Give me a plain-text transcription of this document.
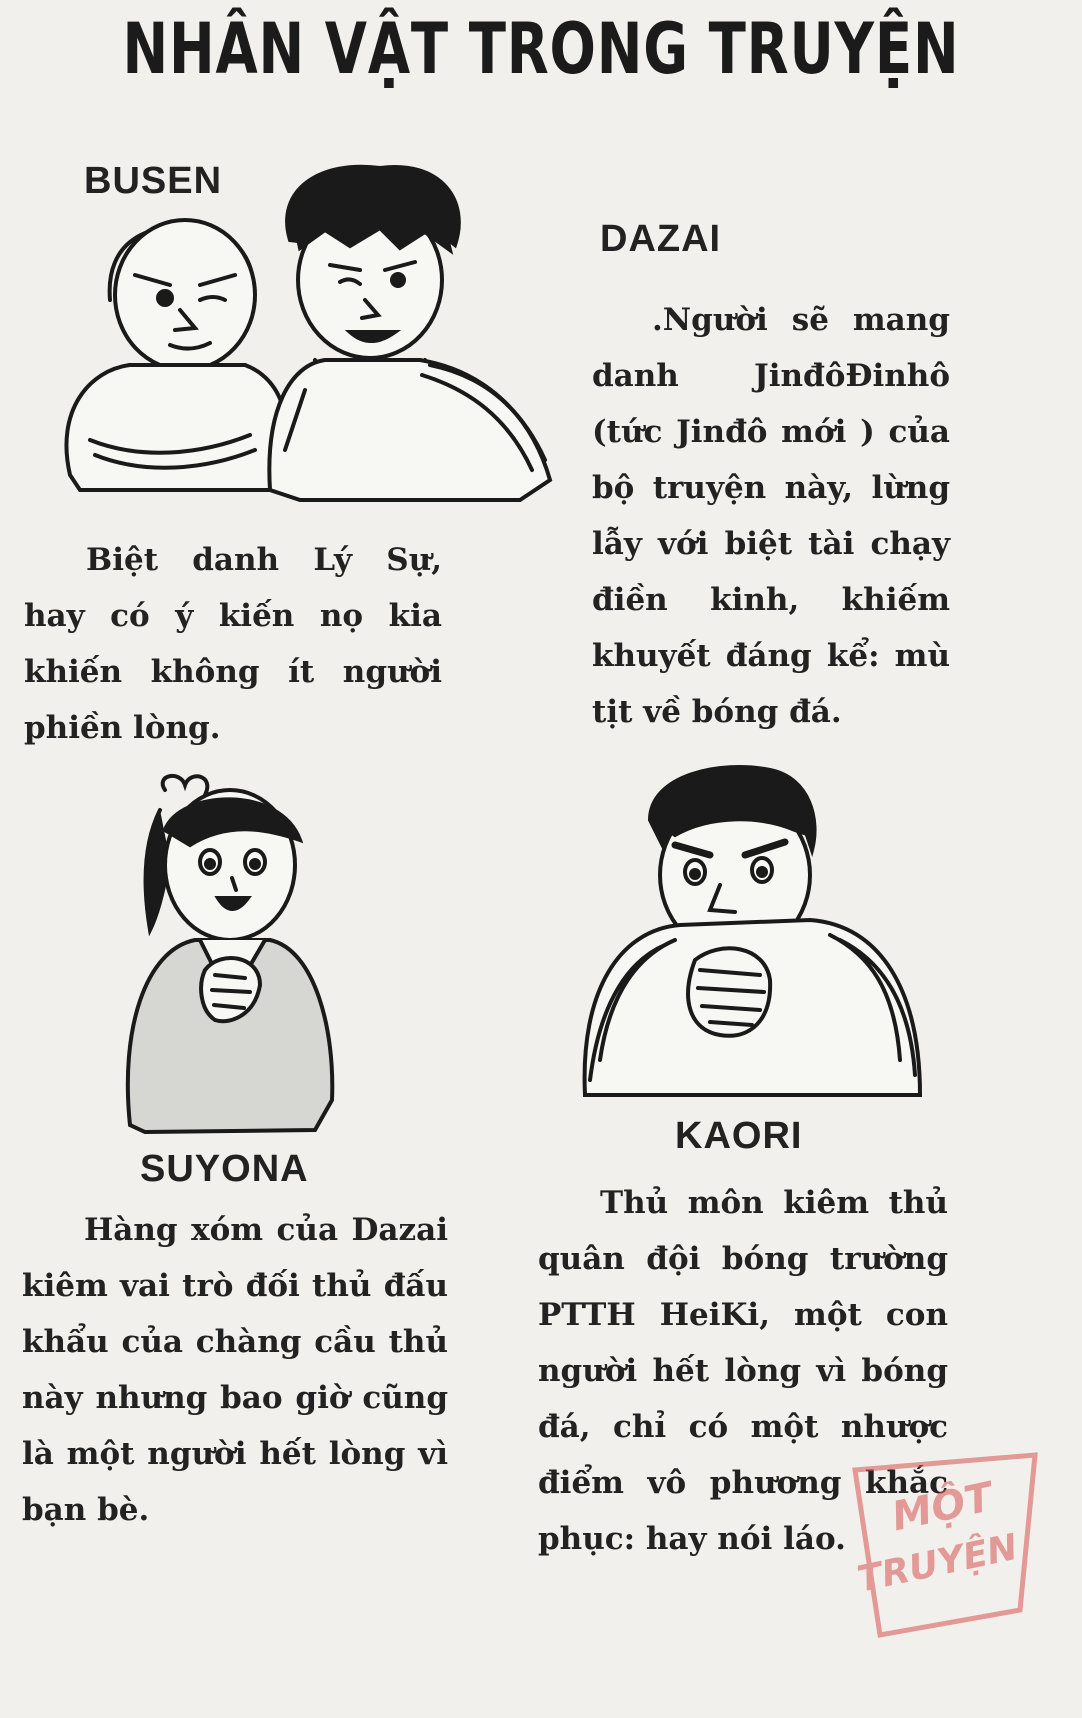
NHÂN VẬT TRONG TRUYỆN
BUSEN
DAZAI
.Người sẽ mang danh JinđôĐinhô (tức Jinđô mới ) của bộ truyện này, lừng lẫy với biệt tài chạy điền kinh, khiếm khuyết đáng kể: mù tịt về bóng đá.
Biệt danh Lý Sự, hay có ý kiến nọ kia khiến không ít người phiền lòng.
SUYONA
Hàng xóm của Dazai kiêm vai trò đối thủ đấu khẩu của chàng cầu thủ này nhưng bao giờ cũng là một người hết lòng vì bạn bè.
KAORI
Thủ môn kiêm thủ quân đội bóng trường PTTH HeiKi, một con người hết lòng vì bóng đá, chỉ có một nhược điểm vô phương khắc phục: hay nói láo.	MỘT
TRUYỆN
